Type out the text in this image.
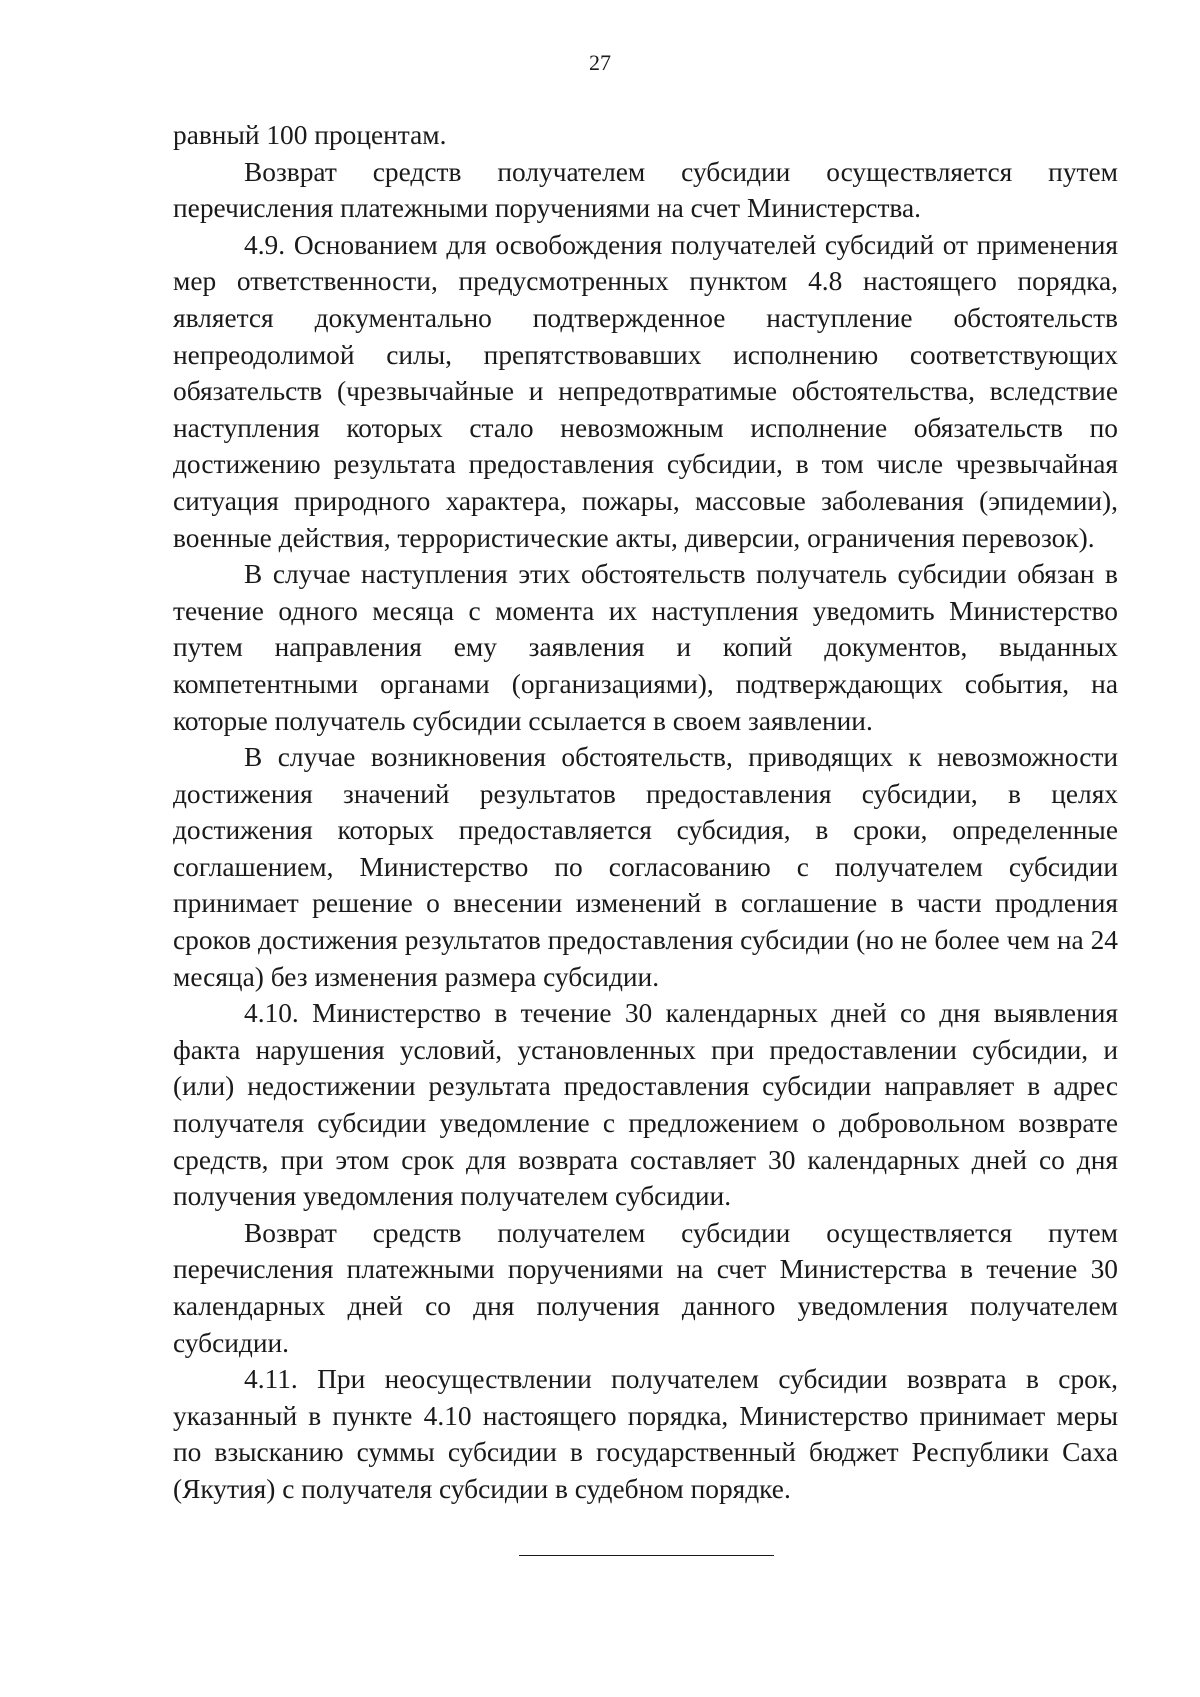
27

равный 100 процентам.

Возврат средств получателем субсидии осуществляется путем перечисления платежными поручениями на счет Министерства.

4.9. Основанием для освобождения получателей субсидий от применения мер ответственности, предусмотренных пунктом 4.8 настоящего порядка, является документально подтвержденное наступление обстоятельств непреодолимой силы, препятствовавших исполнению соответствующих обязательств (чрезвычайные и непредотвратимые обстоятельства, вследствие наступления которых стало невозможным исполнение обязательств по достижению результата предоставления субсидии, в том числе чрезвычайная ситуация природного характера, пожары, массовые заболевания (эпидемии), военные действия, террористические акты, диверсии, ограничения перевозок).

В случае наступления этих обстоятельств получатель субсидии обязан в течение одного месяца с момента их наступления уведомить Министерство путем направления ему заявления и копий документов, выданных компетентными органами (организациями), подтверждающих события, на которые получатель субсидии ссылается в своем заявлении.

В случае возникновения обстоятельств, приводящих к невозможности достижения значений результатов предоставления субсидии, в целях достижения которых предоставляется субсидия, в сроки, определенные соглашением, Министерство по согласованию с получателем субсидии принимает решение о внесении изменений в соглашение в части продления сроков достижения результатов предоставления субсидии (но не более чем на 24 месяца) без изменения размера субсидии.

4.10. Министерство в течение 30 календарных дней со дня выявления факта нарушения условий, установленных при предоставлении субсидии, и (или) недостижении результата предоставления субсидии направляет в адрес получателя субсидии уведомление с предложением о добровольном возврате средств, при этом срок для возврата составляет 30 календарных дней со дня получения уведомления получателем субсидии.

Возврат средств получателем субсидии осуществляется путем перечисления платежными поручениями на счет Министерства в течение 30 календарных дней со дня получения данного уведомления получателем субсидии.

4.11. При неосуществлении получателем субсидии возврата в срок, указанный в пункте 4.10 настоящего порядка, Министерство принимает меры по взысканию суммы субсидии в государственный бюджет Республики Саха (Якутия) с получателя субсидии в судебном порядке.
